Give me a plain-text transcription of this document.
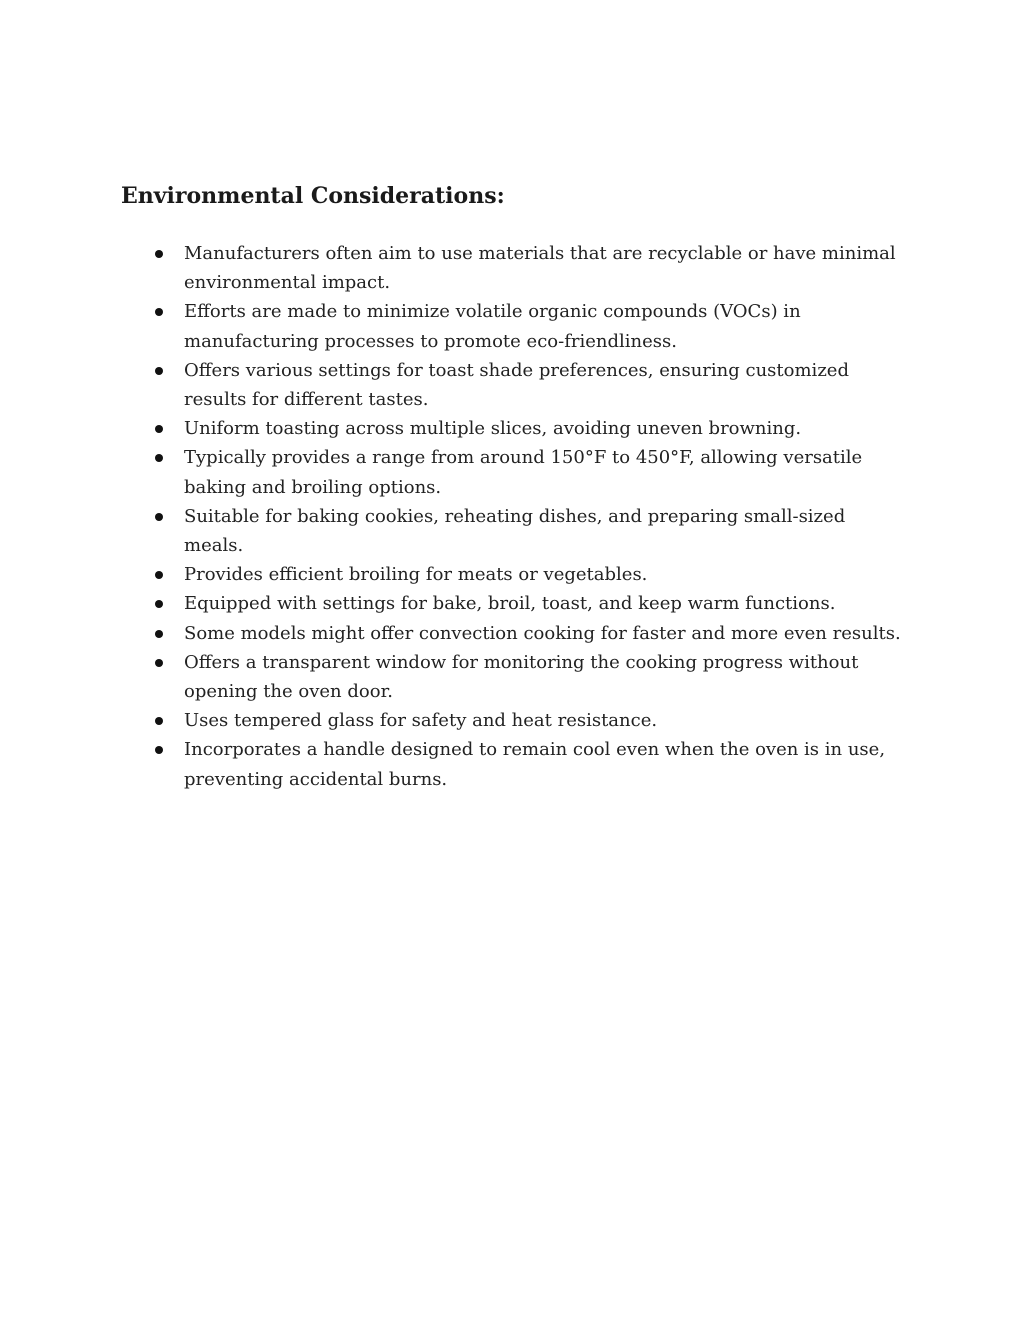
Environmental Considerations:
Manufacturers often aim to use materials that are recyclable or have minimal environmental impact.
Efforts are made to minimize volatile organic compounds (VOCs) in manufacturing processes to promote eco-friendliness.
Offers various settings for toast shade preferences, ensuring customized results for different tastes.
Uniform toasting across multiple slices, avoiding uneven browning.
Typically provides a range from around 150°F to 450°F, allowing versatile baking and broiling options.
Suitable for baking cookies, reheating dishes, and preparing small-sized meals.
Provides efficient broiling for meats or vegetables.
Equipped with settings for bake, broil, toast, and keep warm functions.
Some models might offer convection cooking for faster and more even results.
Offers a transparent window for monitoring the cooking progress without opening the oven door.
Uses tempered glass for safety and heat resistance.
Incorporates a handle designed to remain cool even when the oven is in use, preventing accidental burns.
